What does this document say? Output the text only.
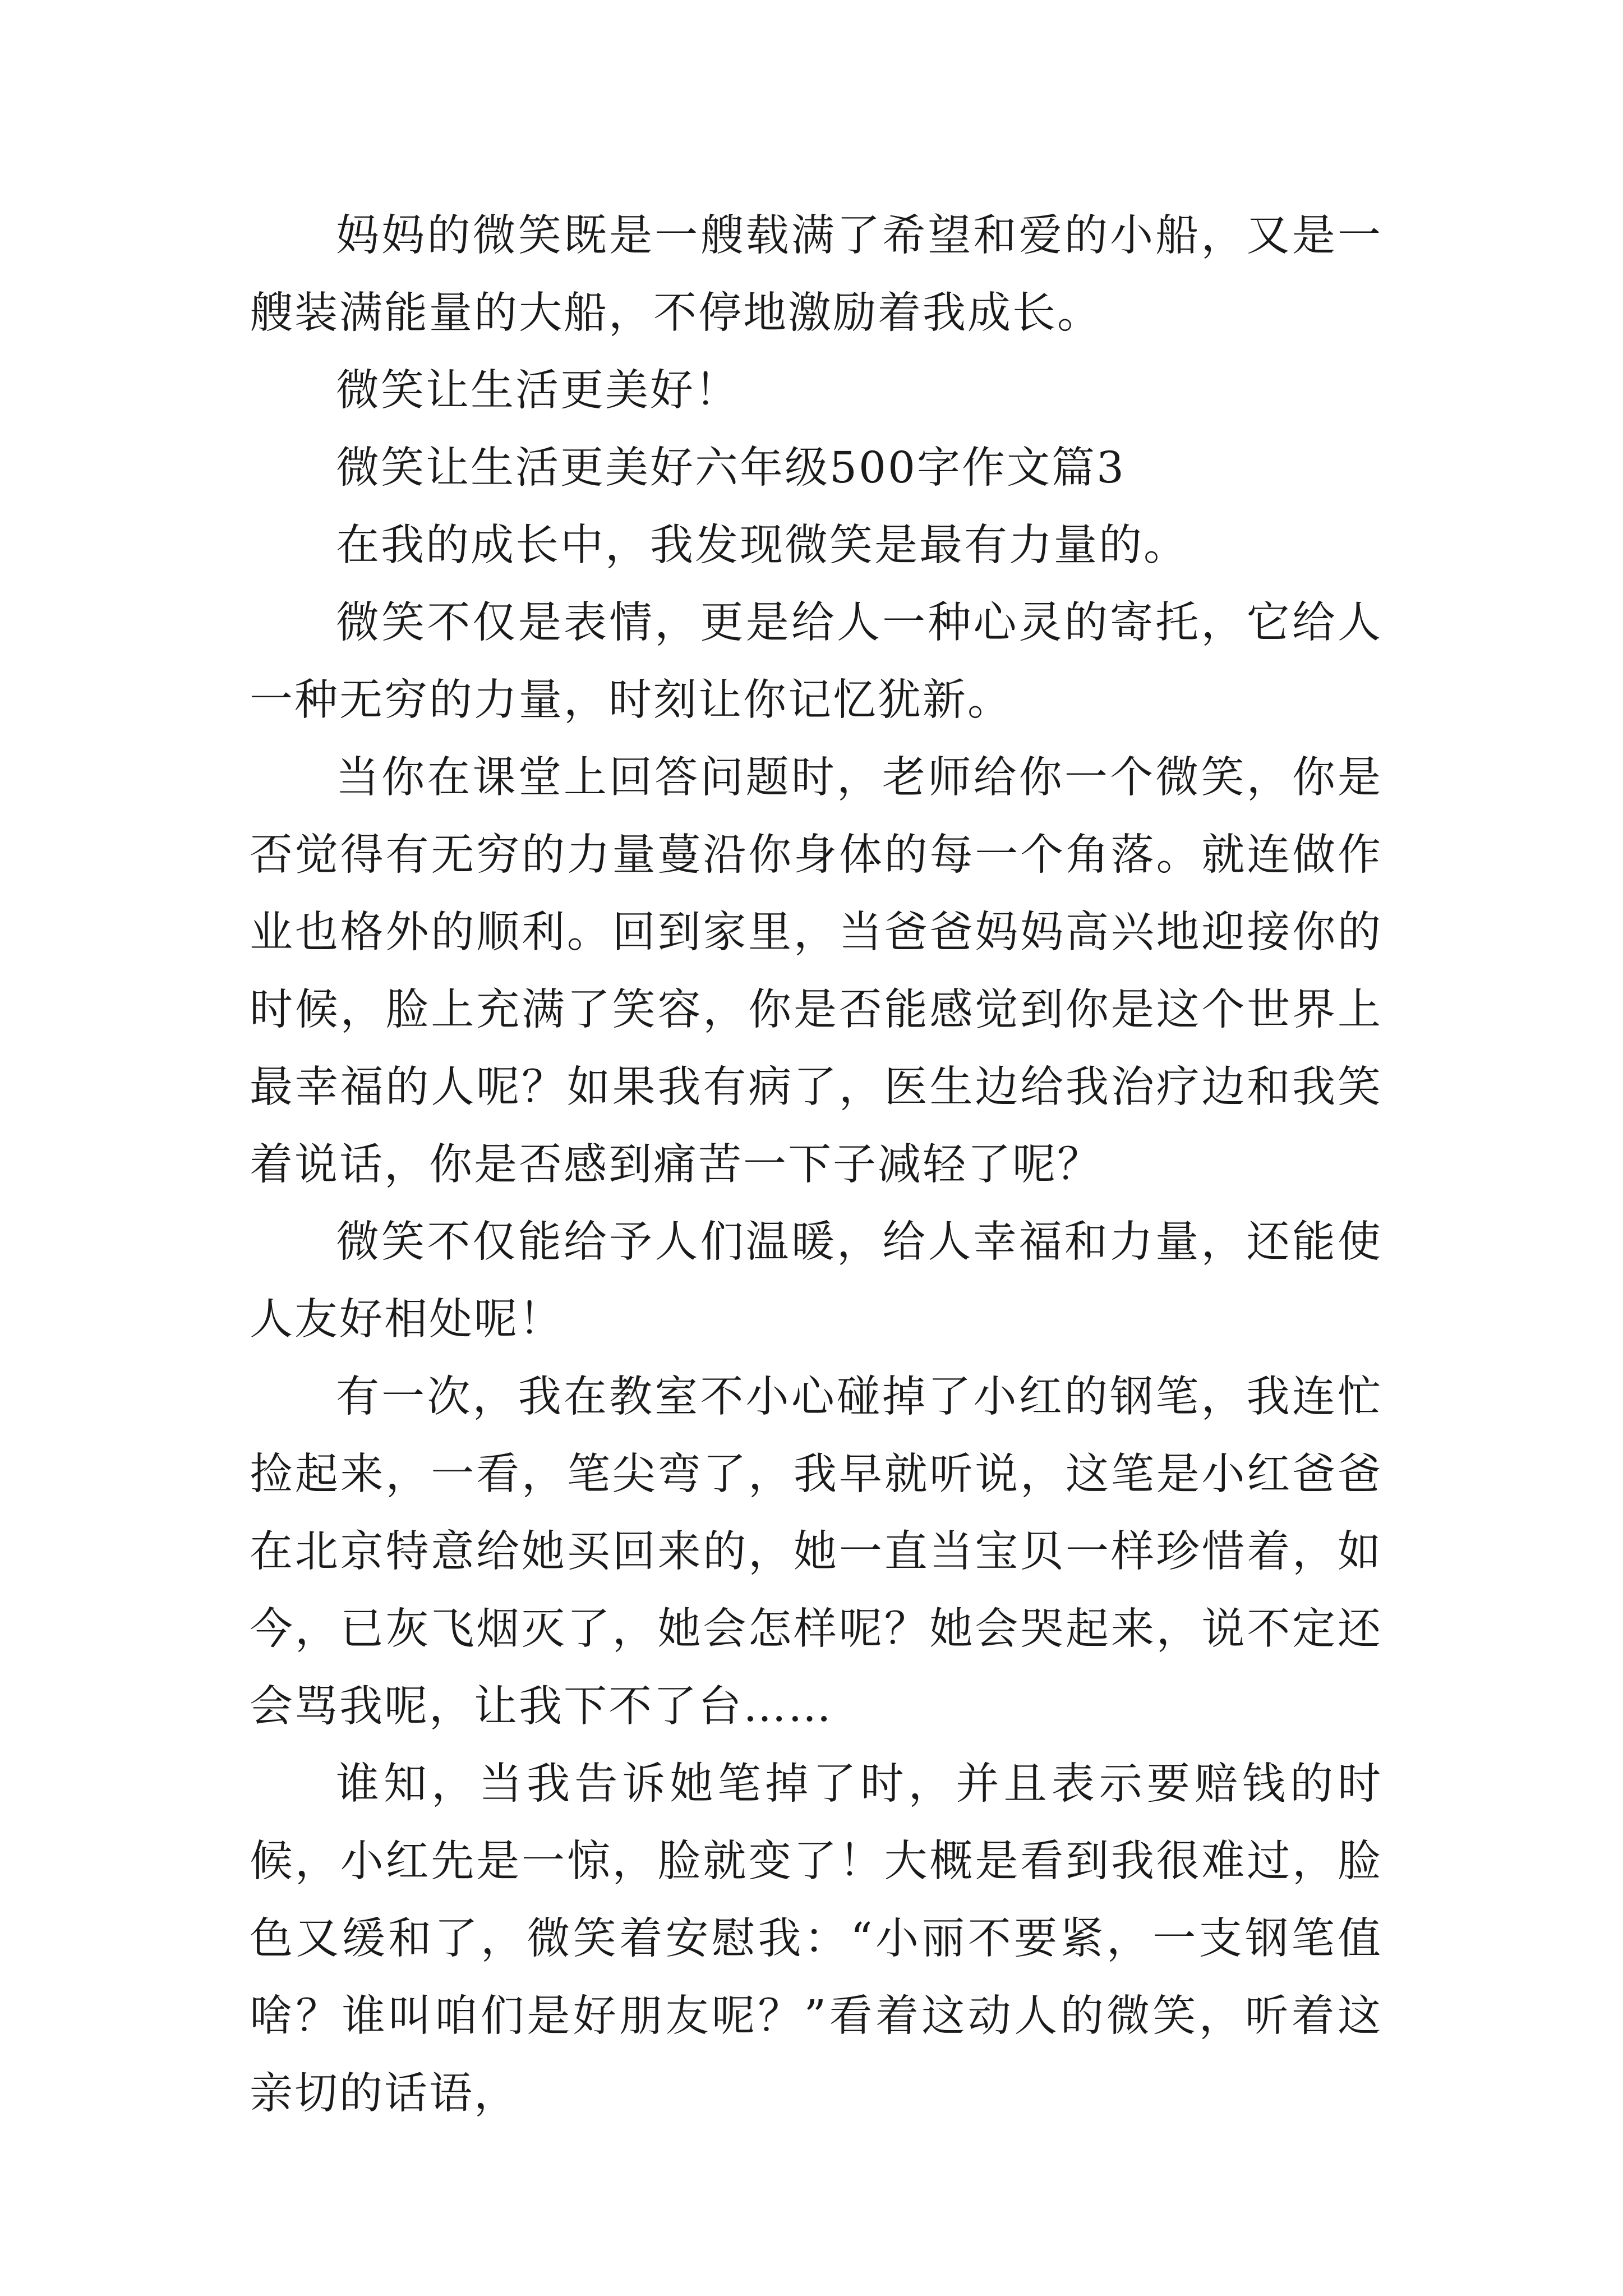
妈妈的微笑既是一艘载满了希望和爱的小船，又是一艘装满能量的大船，不停地激励着我成长。

微笑让生活更美好！

微笑让生活更美好六年级500字作文篇3

在我的成长中，我发现微笑是最有力量的。

微笑不仅是表情，更是给人一种心灵的寄托，它给人一种无穷的力量，时刻让你记忆犹新。

当你在课堂上回答问题时，老师给你一个微笑，你是否觉得有无穷的力量蔓沿你身体的每一个角落。就连做作业也格外的顺利。回到家里，当爸爸妈妈高兴地迎接你的时候，脸上充满了笑容，你是否能感觉到你是这个世界上最幸福的人呢？如果我有病了，医生边给我治疗边和我笑着说话，你是否感到痛苦一下子减轻了呢？

微笑不仅能给予人们温暖，给人幸福和力量，还能使人友好相处呢！

有一次，我在教室不小心碰掉了小红的钢笔，我连忙捡起来，一看，笔尖弯了，我早就听说，这笔是小红爸爸在北京特意给她买回来的，她一直当宝贝一样珍惜着，如今，已灰飞烟灭了，她会怎样呢？她会哭起来，说不定还会骂我呢，让我下不了台……

谁知，当我告诉她笔掉了时，并且表示要赔钱的时候，小红先是一惊，脸就变了！大概是看到我很难过，脸色又缓和了，微笑着安慰我：“小丽不要紧，一支钢笔值啥？谁叫咱们是好朋友呢？”看着这动人的微笑，听着这亲切的话语，
